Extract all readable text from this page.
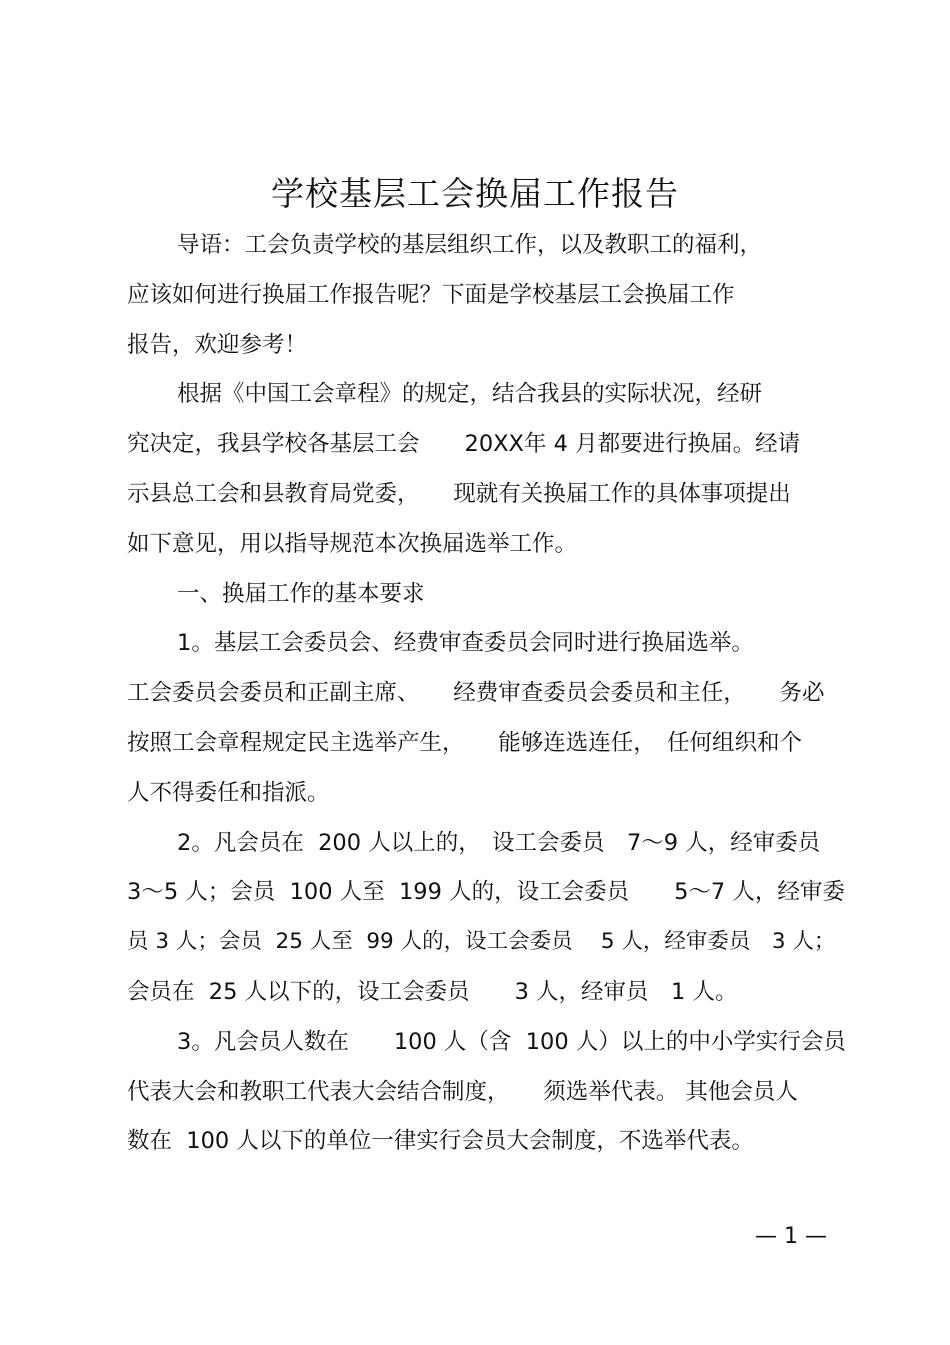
学校基层工会换届工作报告
导语：工会负责学校的基层组织工作，以及教职工的福利，
应该如何进行换届工作报告呢？下面是学校基层工会换届工作
报告，欢迎参考！
根据《中国工会章程》的规定，结合我县的实际状况，经研
究决定，我县学校各基层工会　　20XX年 4 月都要进行换届。经请
示县总工会和县教育局党委，　　现就有关换届工作的具体事项提出
如下意见，用以指导规范本次换届选举工作。
一、换届工作的基本要求
1。基层工会委员会、经费审查委员会同时进行换届选举。
工会委员会委员和正副主席、　　经费审查委员会委员和主任，　　务必
按照工会章程规定民主选举产生，　　能够连选连任，　任何组织和个
人不得委任和指派。
2。凡会员在  200 人以上的，　设工会委员　7～9 人，经审委员
3～5 人；会员  100 人至  199 人的，设工会委员　　5～7 人，经审委
员 3 人；会员  25 人至  99 人的，设工会委员　 5 人，经审委员　3 人；
会员在  25 人以下的，设工会委员　　3 人，经审员　1 人。
3。凡会员人数在　　100 人（含  100 人）以上的中小学实行会员
代表大会和教职工代表大会结合制度，　　须选举代表。 其他会员人
数在  100 人以下的单位一律实行会员大会制度，不选举代表。
— 1 —
